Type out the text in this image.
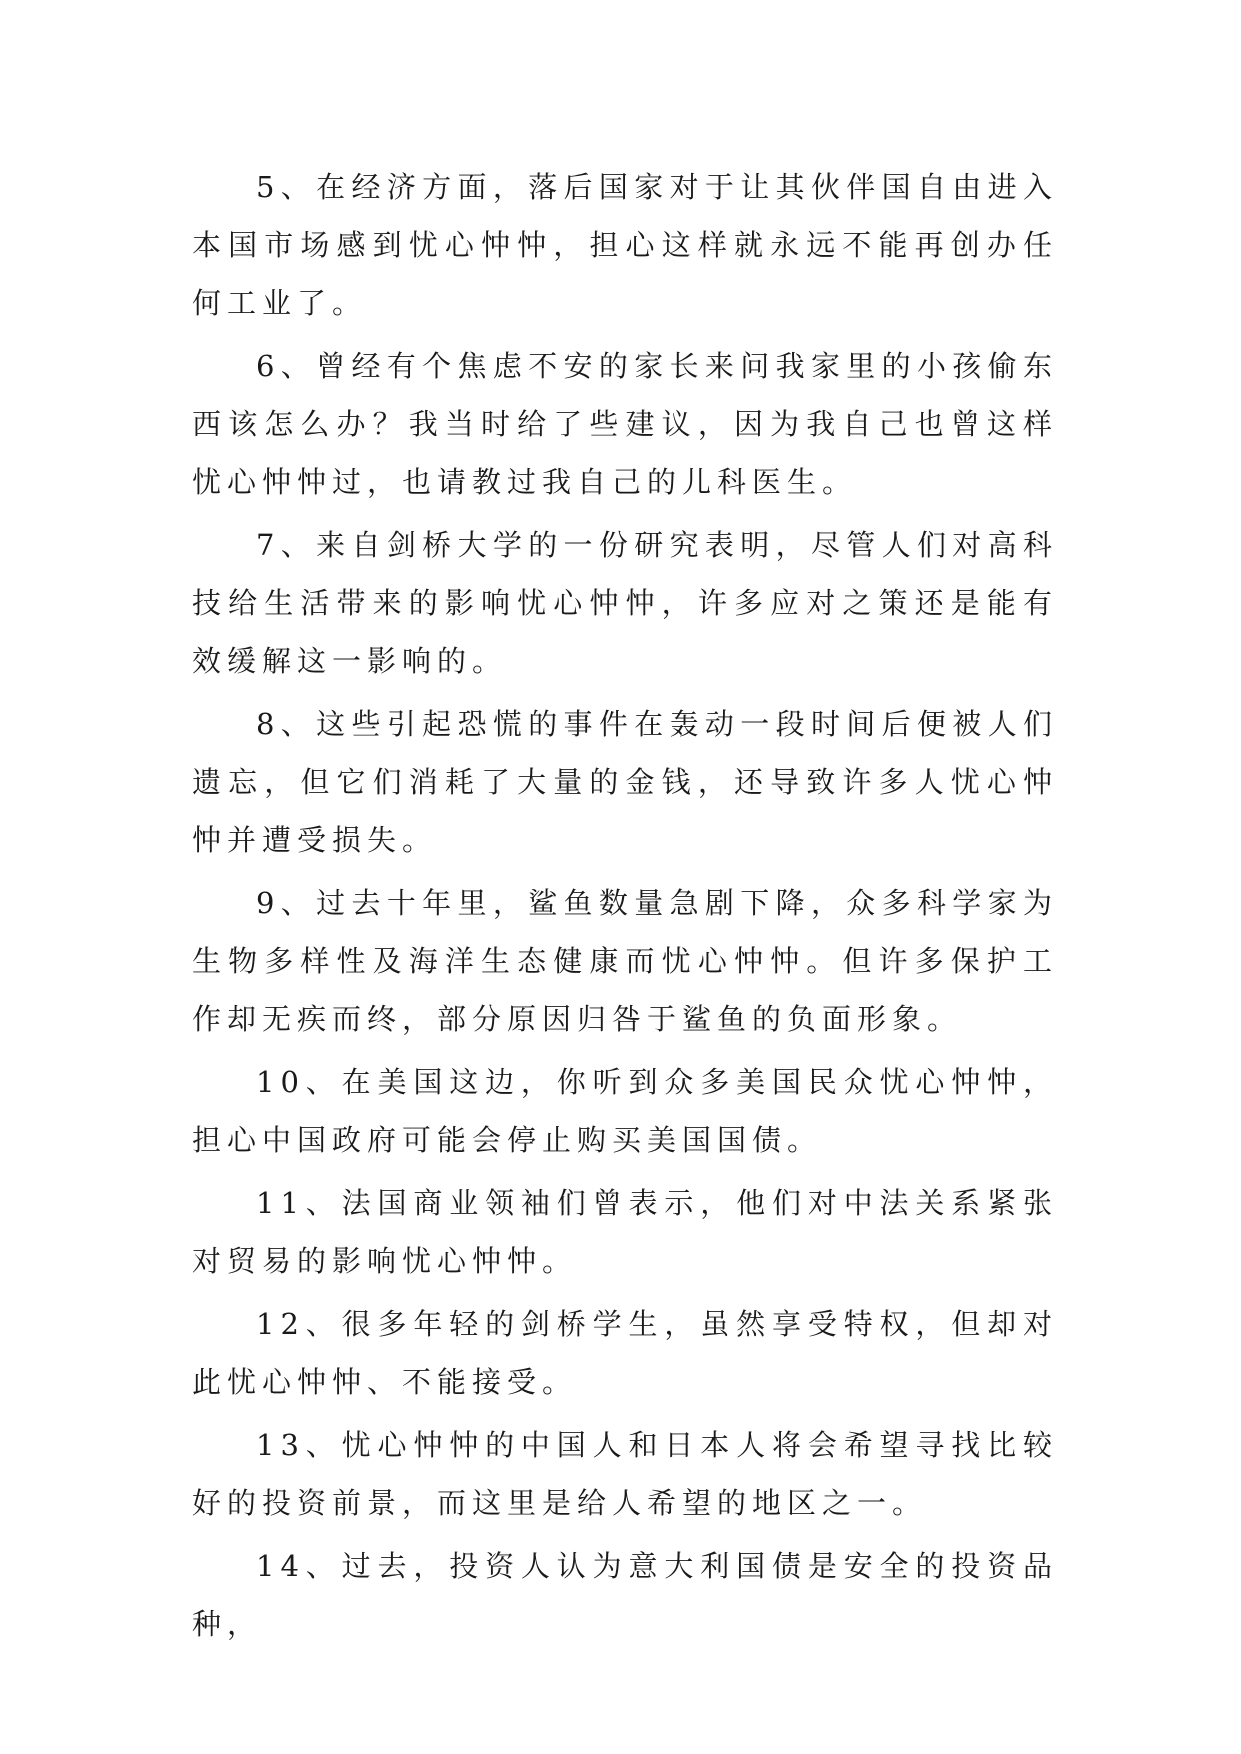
5、在经济方面，落后国家对于让其伙伴国自由进入本国市场感到忧心忡忡，担心这样就永远不能再创办任何工业了。

6、曾经有个焦虑不安的家长来问我家里的小孩偷东西该怎么办？我当时给了些建议，因为我自己也曾这样忧心忡忡过，也请教过我自己的儿科医生。

7、来自剑桥大学的一份研究表明，尽管人们对高科技给生活带来的影响忧心忡忡，许多应对之策还是能有效缓解这一影响的。

8、这些引起恐慌的事件在轰动一段时间后便被人们遗忘，但它们消耗了大量的金钱，还导致许多人忧心忡忡并遭受损失。

9、过去十年里，鲨鱼数量急剧下降，众多科学家为生物多样性及海洋生态健康而忧心忡忡。但许多保护工作却无疾而终，部分原因归咎于鲨鱼的负面形象。

10、在美国这边，你听到众多美国民众忧心忡忡，担心中国政府可能会停止购买美国国债。

11、法国商业领袖们曾表示，他们对中法关系紧张对贸易的影响忧心忡忡。

12、很多年轻的剑桥学生，虽然享受特权，但却对此忧心忡忡、不能接受。

13、忧心忡忡的中国人和日本人将会希望寻找比较好的投资前景，而这里是给人希望的地区之一。

14、过去，投资人认为意大利国债是安全的投资品种，
